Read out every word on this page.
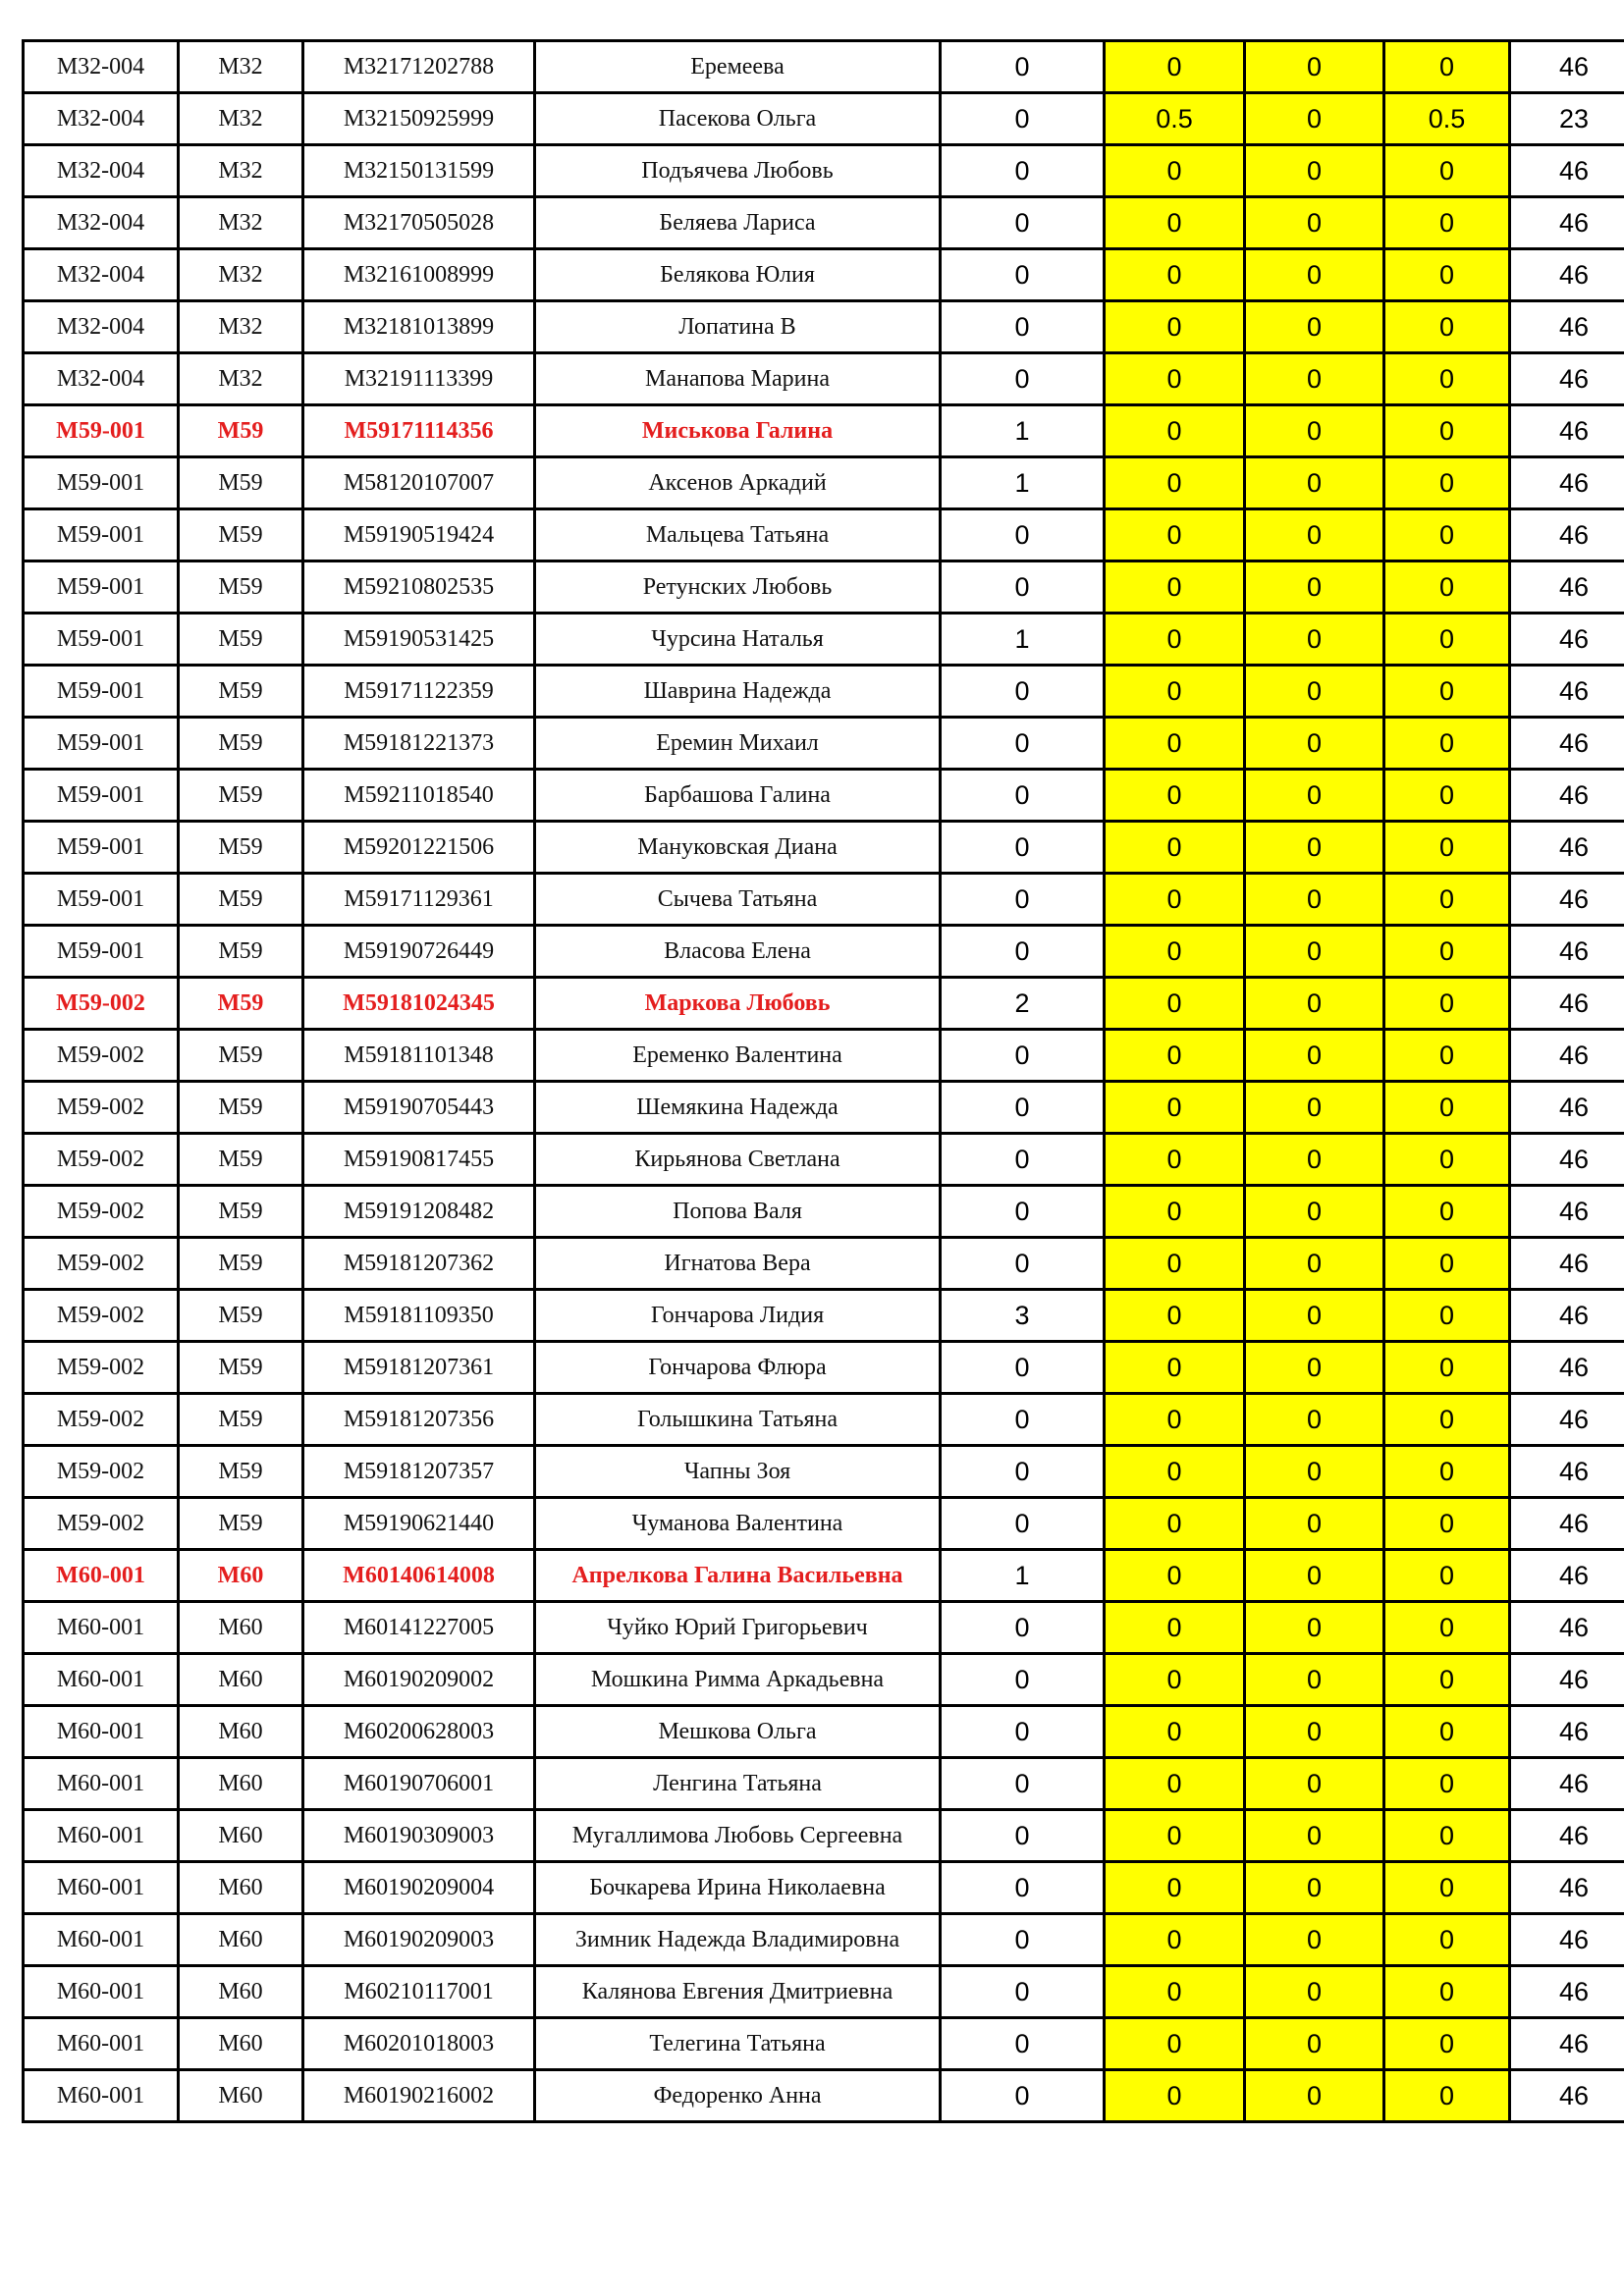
М32-004	М32	М32171202788	Еремеева	0	0	0	0	46
М32-004	М32	М32150925999	Пасекова Ольга	0	0.5	0	0.5	23
М32-004	М32	М32150131599	Подъячева Любовь	0	0	0	0	46
М32-004	М32	М32170505028	Беляева Лариса	0	0	0	0	46
М32-004	М32	М32161008999	Белякова Юлия	0	0	0	0	46
М32-004	М32	М32181013899	Лопатина В	0	0	0	0	46
М32-004	М32	М32191113399	Манапова Марина	0	0	0	0	46
М59-001	М59	М59171114356	Миськова Галина	1	0	0	0	46
М59-001	М59	М58120107007	Аксенов Аркадий	1	0	0	0	46
М59-001	М59	М59190519424	Мальцева Татьяна	0	0	0	0	46
М59-001	М59	М59210802535	Ретунских Любовь	0	0	0	0	46
М59-001	М59	М59190531425	Чурсина Наталья	1	0	0	0	46
М59-001	М59	М59171122359	Шаврина Надежда	0	0	0	0	46
М59-001	М59	М59181221373	Еремин Михаил	0	0	0	0	46
М59-001	М59	М59211018540	Барбашова Галина	0	0	0	0	46
М59-001	М59	М59201221506	Мануковская Диана	0	0	0	0	46
М59-001	М59	М59171129361	Сычева Татьяна	0	0	0	0	46
М59-001	М59	М59190726449	Власова Елена	0	0	0	0	46
М59-002	М59	М59181024345	Маркова Любовь	2	0	0	0	46
М59-002	М59	М59181101348	Еременко Валентина	0	0	0	0	46
М59-002	М59	М59190705443	Шемякина Надежда	0	0	0	0	46
М59-002	М59	М59190817455	Кирьянова Светлана	0	0	0	0	46
М59-002	М59	М59191208482	Попова Валя	0	0	0	0	46
М59-002	М59	М59181207362	Игнатова Вера	0	0	0	0	46
М59-002	М59	М59181109350	Гончарова Лидия	3	0	0	0	46
М59-002	М59	М59181207361	Гончарова Флюра	0	0	0	0	46
М59-002	М59	М59181207356	Голышкина Татьяна	0	0	0	0	46
М59-002	М59	М59181207357	Чапны Зоя	0	0	0	0	46
М59-002	М59	М59190621440	Чуманова Валентина	0	0	0	0	46
М60-001	М60	М60140614008	Апрелкова Галина Васильевна	1	0	0	0	46
М60-001	М60	М60141227005	Чуйко Юрий Григорьевич	0	0	0	0	46
М60-001	М60	М60190209002	Мошкина Римма Аркадьевна	0	0	0	0	46
М60-001	М60	М60200628003	Мешкова Ольга	0	0	0	0	46
М60-001	М60	М60190706001	Ленгина Татьяна	0	0	0	0	46
М60-001	М60	М60190309003	Мугаллимова Любовь Сергеевна	0	0	0	0	46
М60-001	М60	М60190209004	Бочкарева Ирина Николаевна	0	0	0	0	46
М60-001	М60	М60190209003	Зимник Надежда Владимировна	0	0	0	0	46
М60-001	М60	М60210117001	Калянова Евгения Дмитриевна	0	0	0	0	46
М60-001	М60	М60201018003	Телегина Татьяна	0	0	0	0	46
М60-001	М60	М60190216002	Федоренко Анна	0	0	0	0	46
